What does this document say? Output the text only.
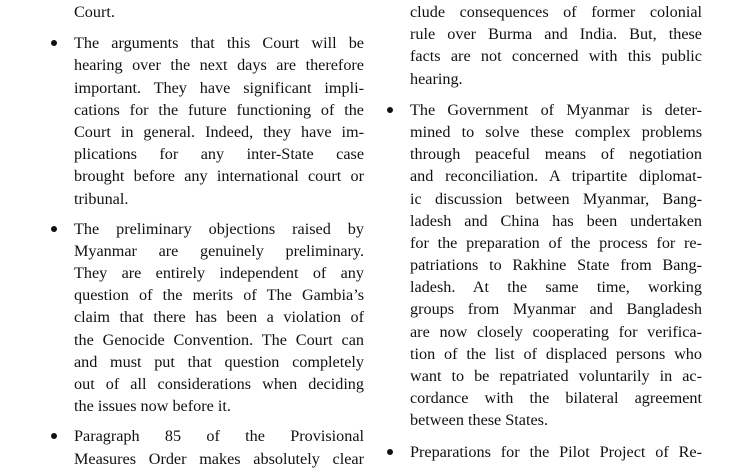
Court.
The arguments that this Court will be
hearing over the next days are therefore
important. They have significant impli-
cations for the future functioning of the
Court in general. Indeed, they have im-
plications for any inter-State case
brought before any international court or
tribunal.
The preliminary objections raised by
Myanmar are genuinely preliminary.
They are entirely independent of any
question of the merits of The Gambia’s
claim that there has been a violation of
the Genocide Convention. The Court can
and must put that question completely
out of all considerations when deciding
the issues now before it.
Paragraph 85 of the Provisional
Measures Order makes absolutely clear
clude consequences of former colonial
rule over Burma and India. But, these
facts are not concerned with this public
hearing.
The Government of Myanmar is deter-
mined to solve these complex problems
through peaceful means of negotiation
and reconciliation. A tripartite diplomat-
ic discussion between Myanmar, Bang-
ladesh and China has been undertaken
for the preparation of the process for re-
patriations to Rakhine State from Bang-
ladesh. At the same time, working
groups from Myanmar and Bangladesh
are now closely cooperating for verifica-
tion of the list of displaced persons who
want to be repatriated voluntarily in ac-
cordance with the bilateral agreement
between these States.
Preparations for the Pilot Project of Re-
